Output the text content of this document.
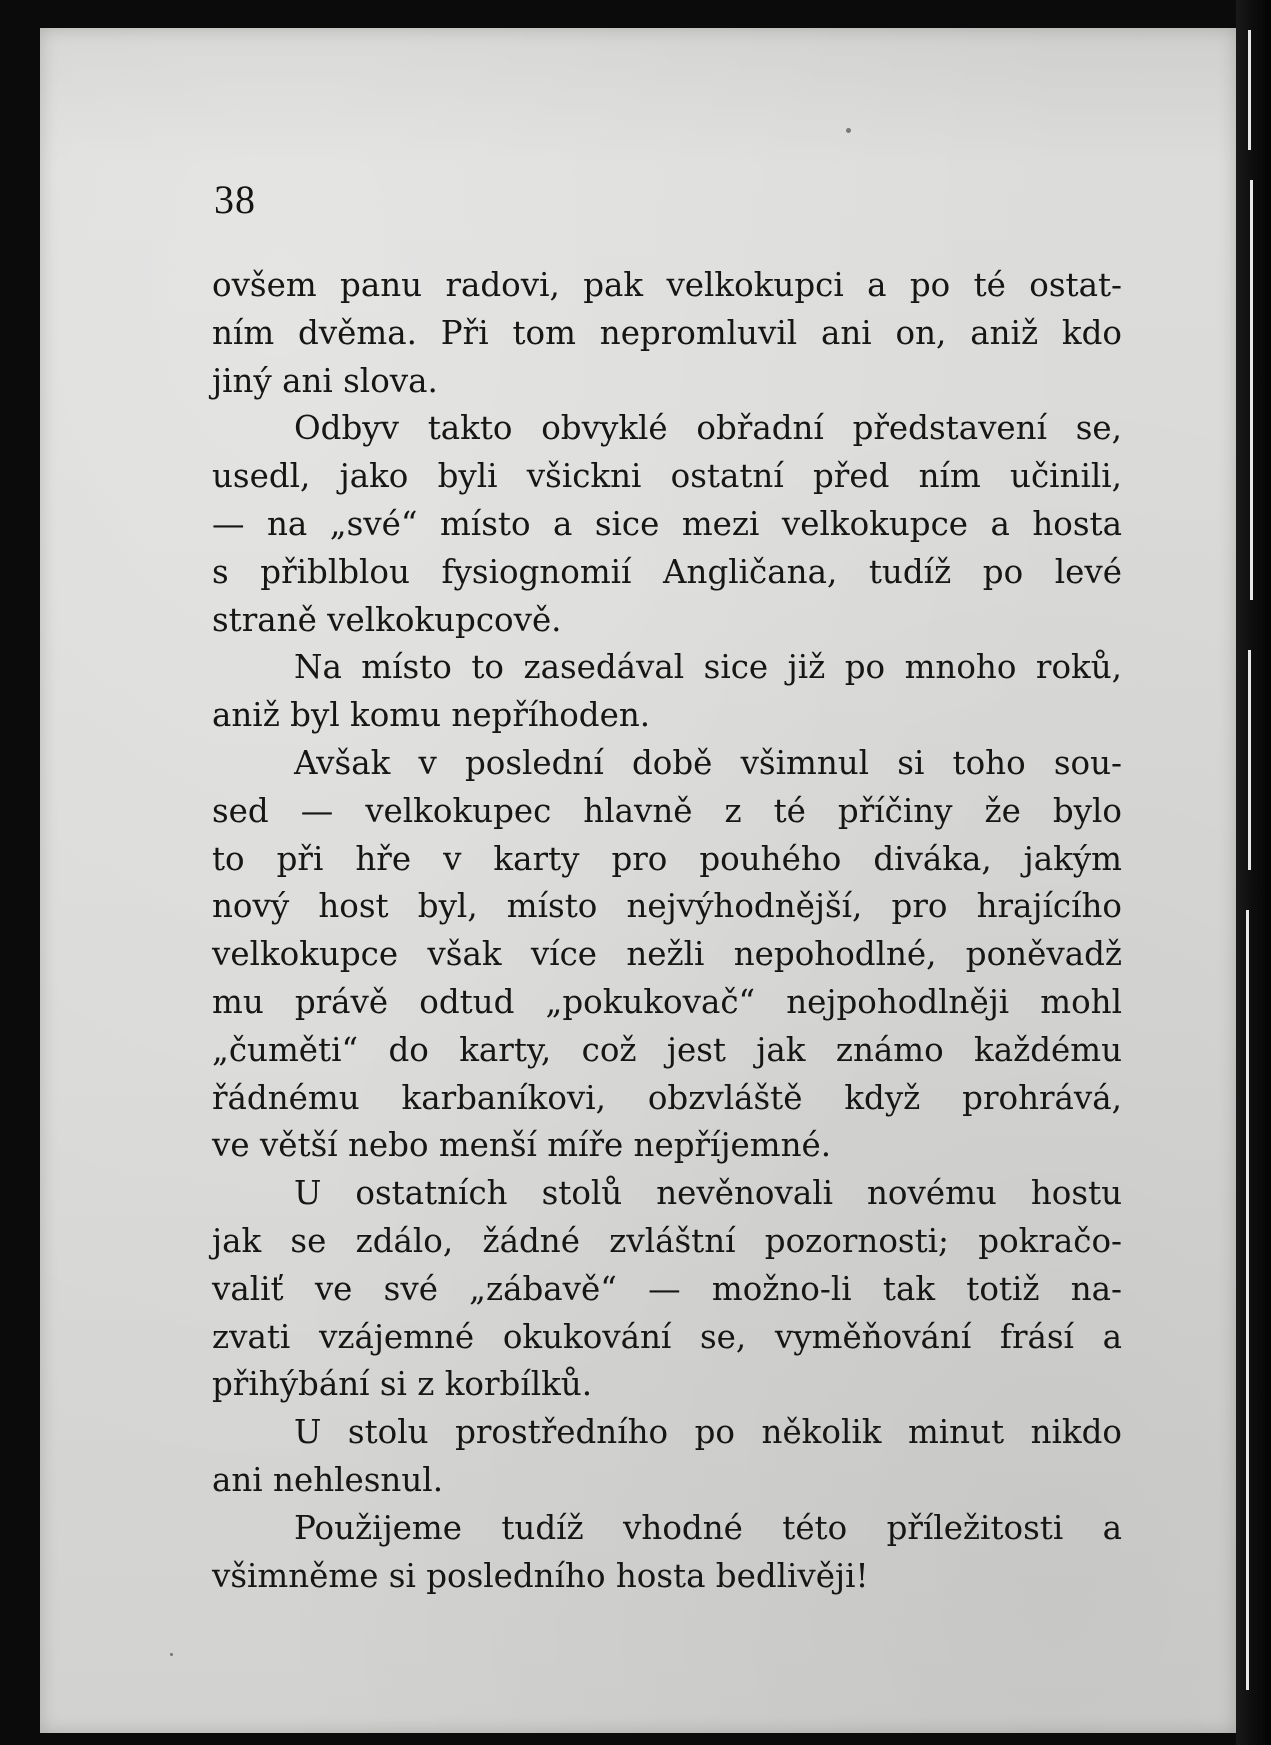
38
ovšem panu radovi, pak velkokupci a po té ostat-
ním dvěma. Při tom nepromluvil ani on, aniž kdo
jiný ani slova.
Odbyv takto obvyklé obřadní představení se,
usedl, jako byli všickni ostatní před ním učinili,
— na „své“ místo a sice mezi velkokupce a hosta
s přiblblou fysiognomií Angličana, tudíž po levé
straně velkokupcově.
Na místo to zasedával sice již po mnoho roků,
aniž byl komu nepříhoden.
Avšak v poslední době všimnul si toho sou-
sed — velkokupec hlavně z té příčiny že bylo
to při hře v karty pro pouhého diváka, jakým
nový host byl, místo nejvýhodnější, pro hrajícího
velkokupce však více nežli nepohodlné, poněvadž
mu právě odtud „pokukovač“ nejpohodlněji mohl
„čuměti“ do karty, což jest jak známo každému
řádnému karbaníkovi, obzvláště když prohrává,
ve větší nebo menší míře nepříjemné.
U ostatních stolů nevěnovali novému hostu
jak se zdálo, žádné zvláštní pozornosti; pokračo-
valiť ve své „zábavě“ — možno-li tak totiž na-
zvati vzájemné okukování se, vyměňování frásí a
přihýbání si z korbílků.
U stolu prostředního po několik minut nikdo
ani nehlesnul.
Použijeme tudíž vhodné této příležitosti a
všimněme si posledního hosta bedlivěji!
